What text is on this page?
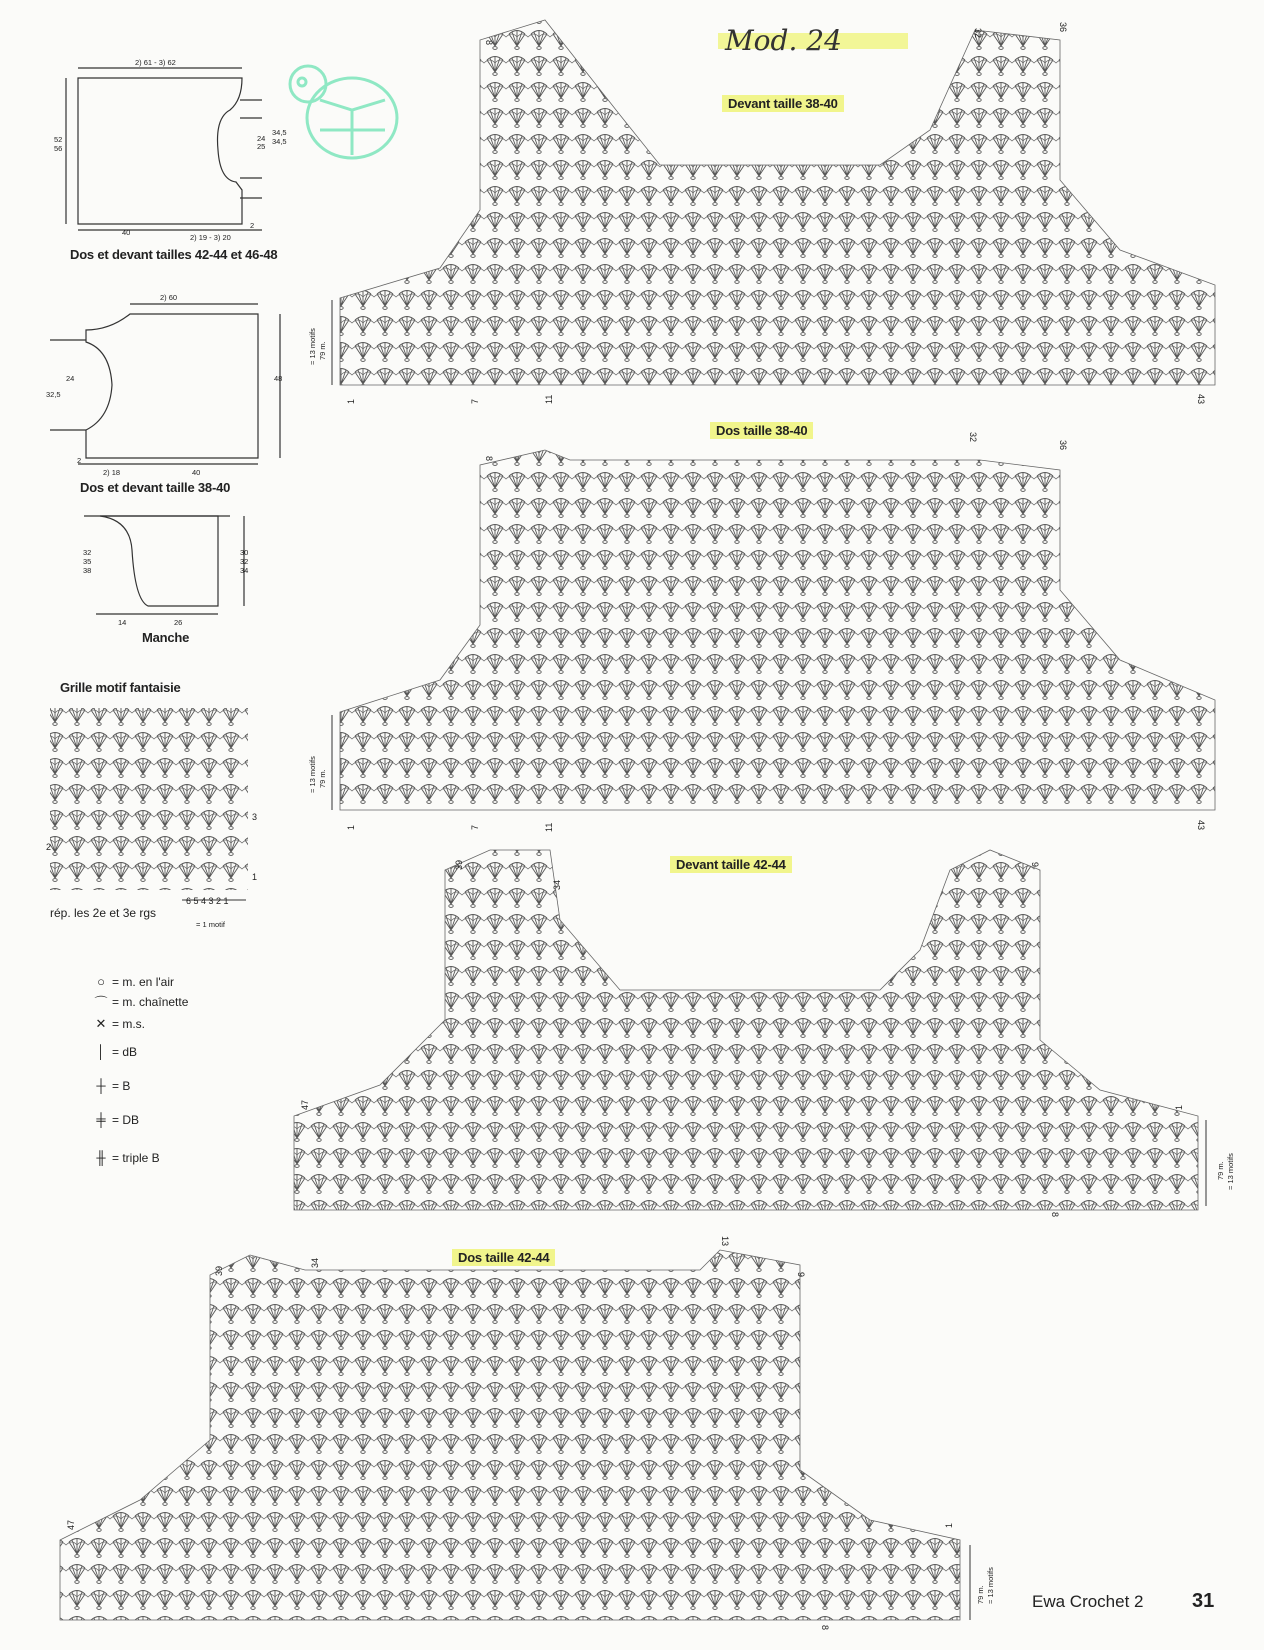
Mod. 24
2) 61 - 3) 62
52
56
24
25
34,5
34,5
40
2) 19 - 3) 20
2
Dos et devant tailles 42-44 et 46-48
2) 60
32,5
24	48
2
2) 18	40
Dos et devant taille 38-40
32
35
38
30
32
34
14	26
Manche
Grille motif fantaisie
3
2
1
6 5 4 3 2 1
rép. les 2e et 3e rgs
= 1 motif
○ = m. en l'air
⌒ = m. chaînette
✕ = m.s.
│ = dB
┼ = B
╪ = DB
╫ = triple B
Devant taille 38-40
8
32
36
1	7	11	43
79 m.
= 13 motifs
Dos taille 38-40
8
32
36
1	7	11	43
79 m.
= 13 motifs
Devant taille 42-44
39
34
9
47	1
8
79 m. = 13 motifs
Dos taille 42-44
39
34
13
9
47	1
8
79 m. = 13 motifs Ewa Crochet 2 31
